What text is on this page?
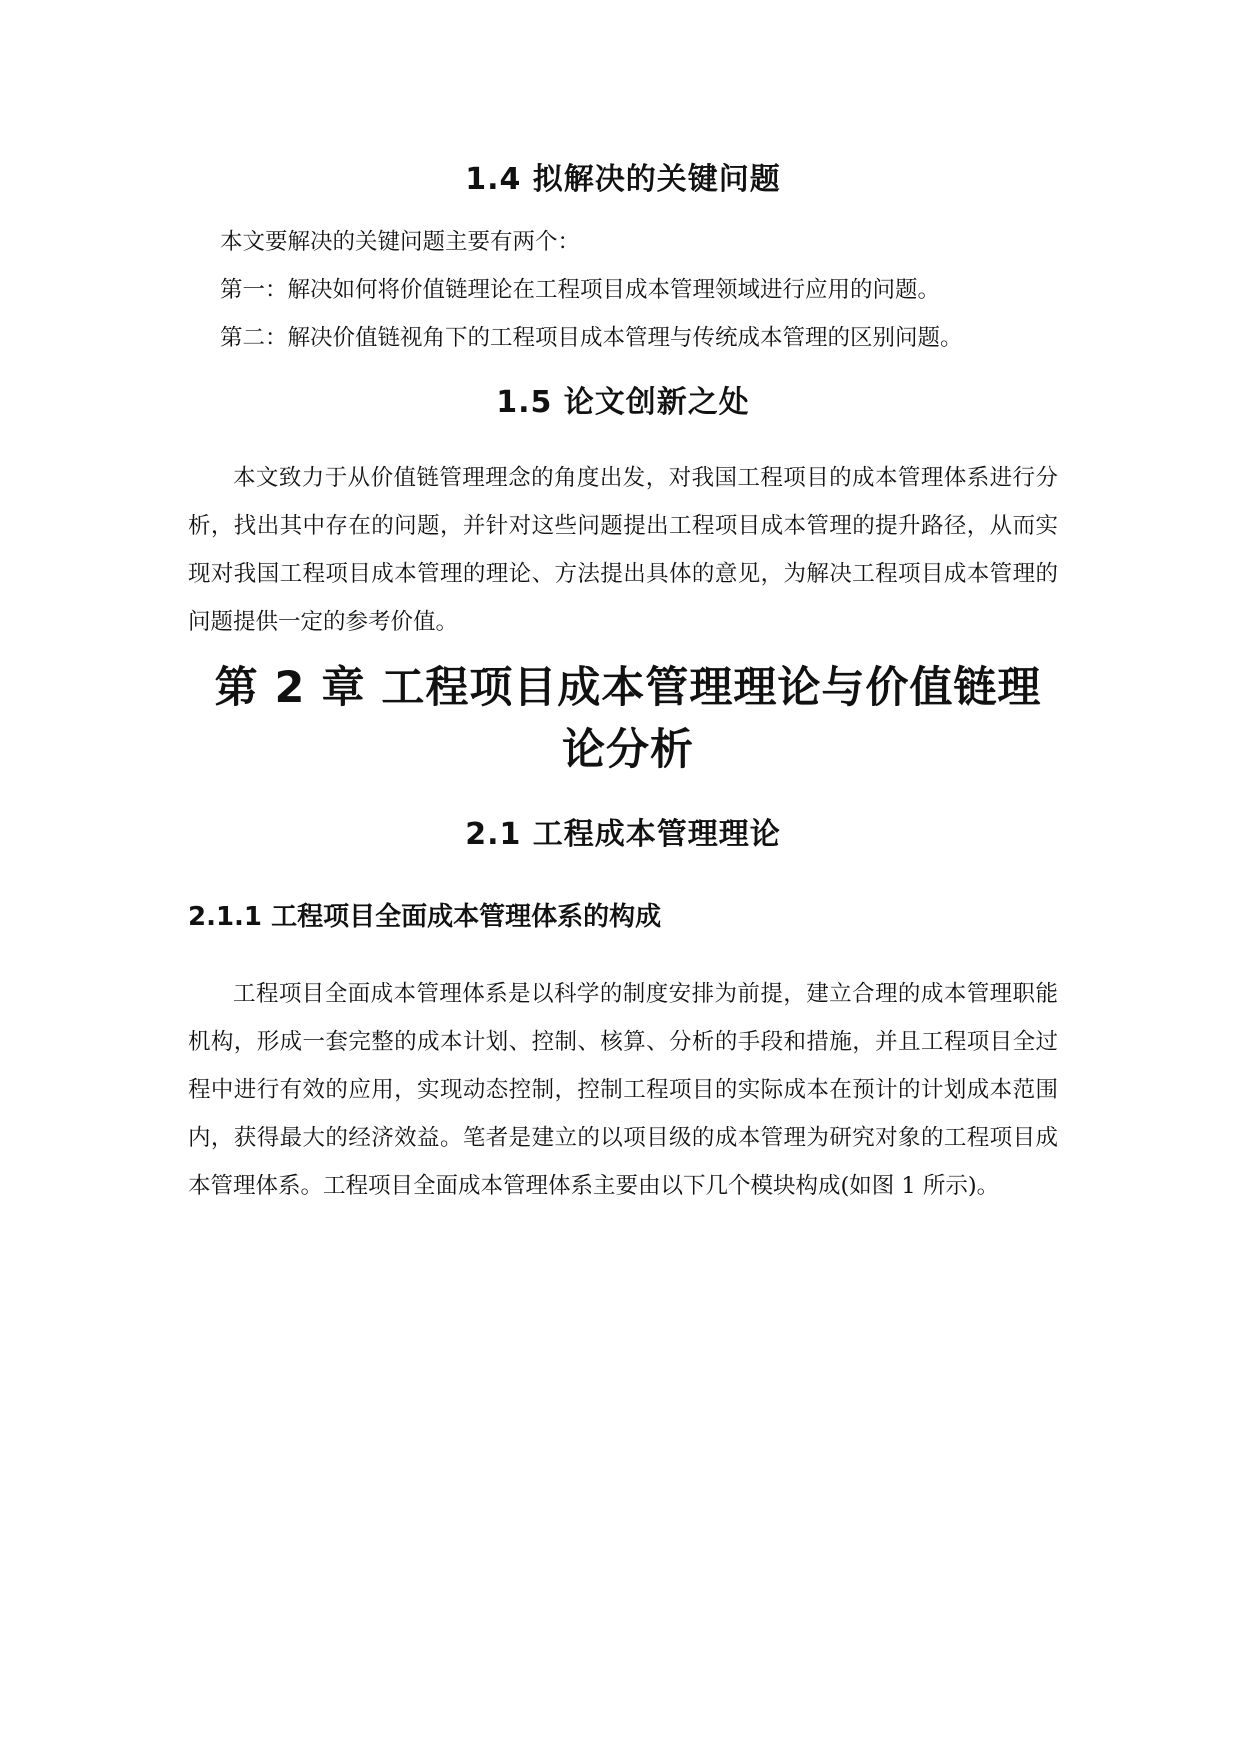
1.4 拟解决的关键问题
本文要解决的关键问题主要有两个：
第一：解决如何将价值链理论在工程项目成本管理领域进行应用的问题。
第二：解决价值链视角下的工程项目成本管理与传统成本管理的区别问题。
1.5 论文创新之处

本文致力于从价值链管理理念的角度出发，对我国工程项目的成本管理体系进行分析，找出其中存在的问题，并针对这些问题提出工程项目成本管理的提升路径，从而实现对我国工程项目成本管理的理论、方法提出具体的意见，为解决工程项目成本管理的问题提供一定的参考价值。

第 2 章 工程项目成本管理理论与价值链理
论分析
2.1 工程成本管理理论
2.1.1 工程项目全面成本管理体系的构成

工程项目全面成本管理体系是以科学的制度安排为前提，建立合理的成本管理职能机构，形成一套完整的成本计划、控制、核算、分析的手段和措施，并且工程项目全过程中进行有效的应用，实现动态控制，控制工程项目的实际成本在预计的计划成本范围内，获得最大的经济效益。笔者是建立的以项目级的成本管理为研究对象的工程项目成本管理体系。工程项目全面成本管理体系主要由以下几个模块构成(如图 1 所示)。
